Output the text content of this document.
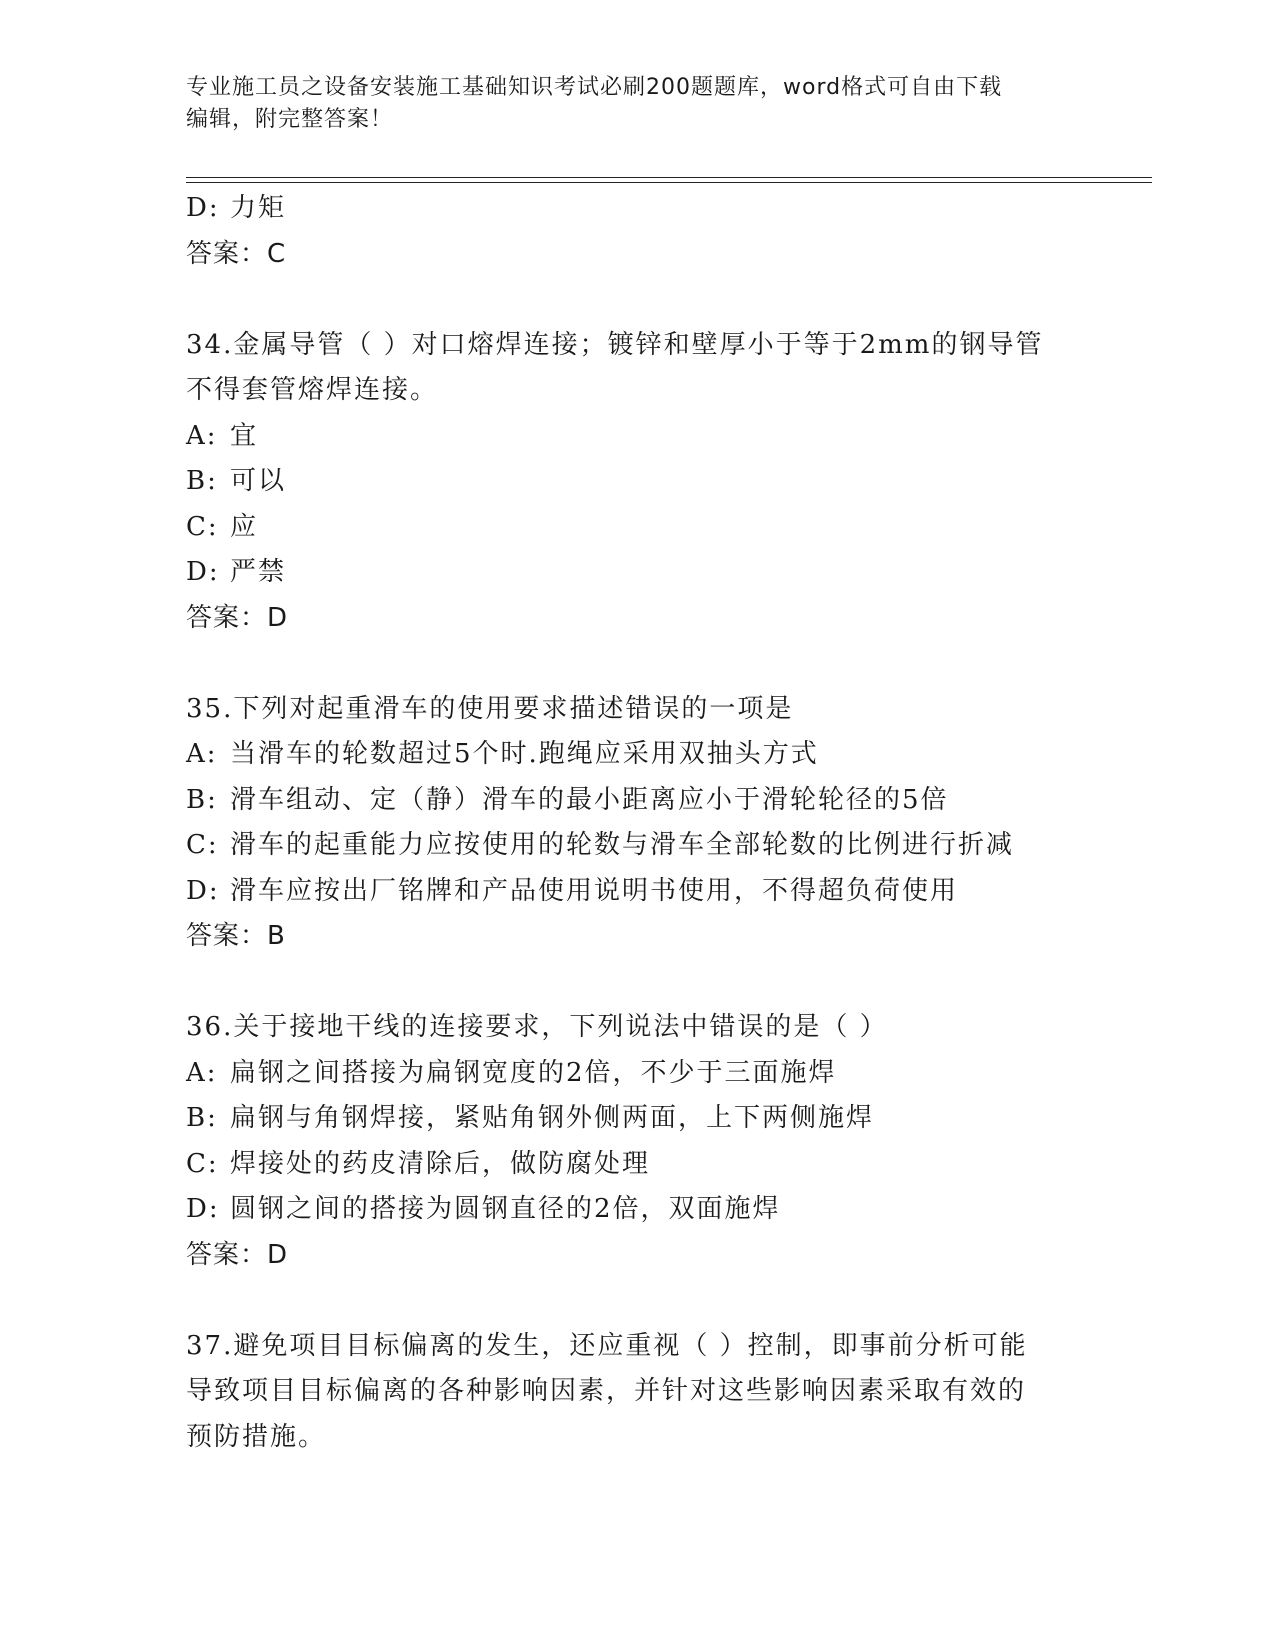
专业施工员之设备安装施工基础知识考试必刷200题题库，word格式可自由下载
编辑，附完整答案！
D: 力矩
答案：C
34.金属导管（ ）对口熔焊连接；镀锌和壁厚小于等于2mm的钢导管
不得套管熔焊连接。
A: 宜
B: 可以
C: 应
D: 严禁
答案：D
35.下列对起重滑车的使用要求描述错误的一项是
A: 当滑车的轮数超过5个时.跑绳应采用双抽头方式
B: 滑车组动、定（静）滑车的最小距离应小于滑轮轮径的5倍
C: 滑车的起重能力应按使用的轮数与滑车全部轮数的比例进行折减
D: 滑车应按出厂铭牌和产品使用说明书使用，不得超负荷使用
答案：B
36.关于接地干线的连接要求，下列说法中错误的是（ ）
A: 扁钢之间搭接为扁钢宽度的2倍，不少于三面施焊
B: 扁钢与角钢焊接，紧贴角钢外侧两面，上下两侧施焊
C: 焊接处的药皮清除后，做防腐处理
D: 圆钢之间的搭接为圆钢直径的2倍，双面施焊
答案：D
37.避免项目目标偏离的发生，还应重视（ ）控制，即事前分析可能
导致项目目标偏离的各种影响因素，并针对这些影响因素采取有效的
预防措施。
